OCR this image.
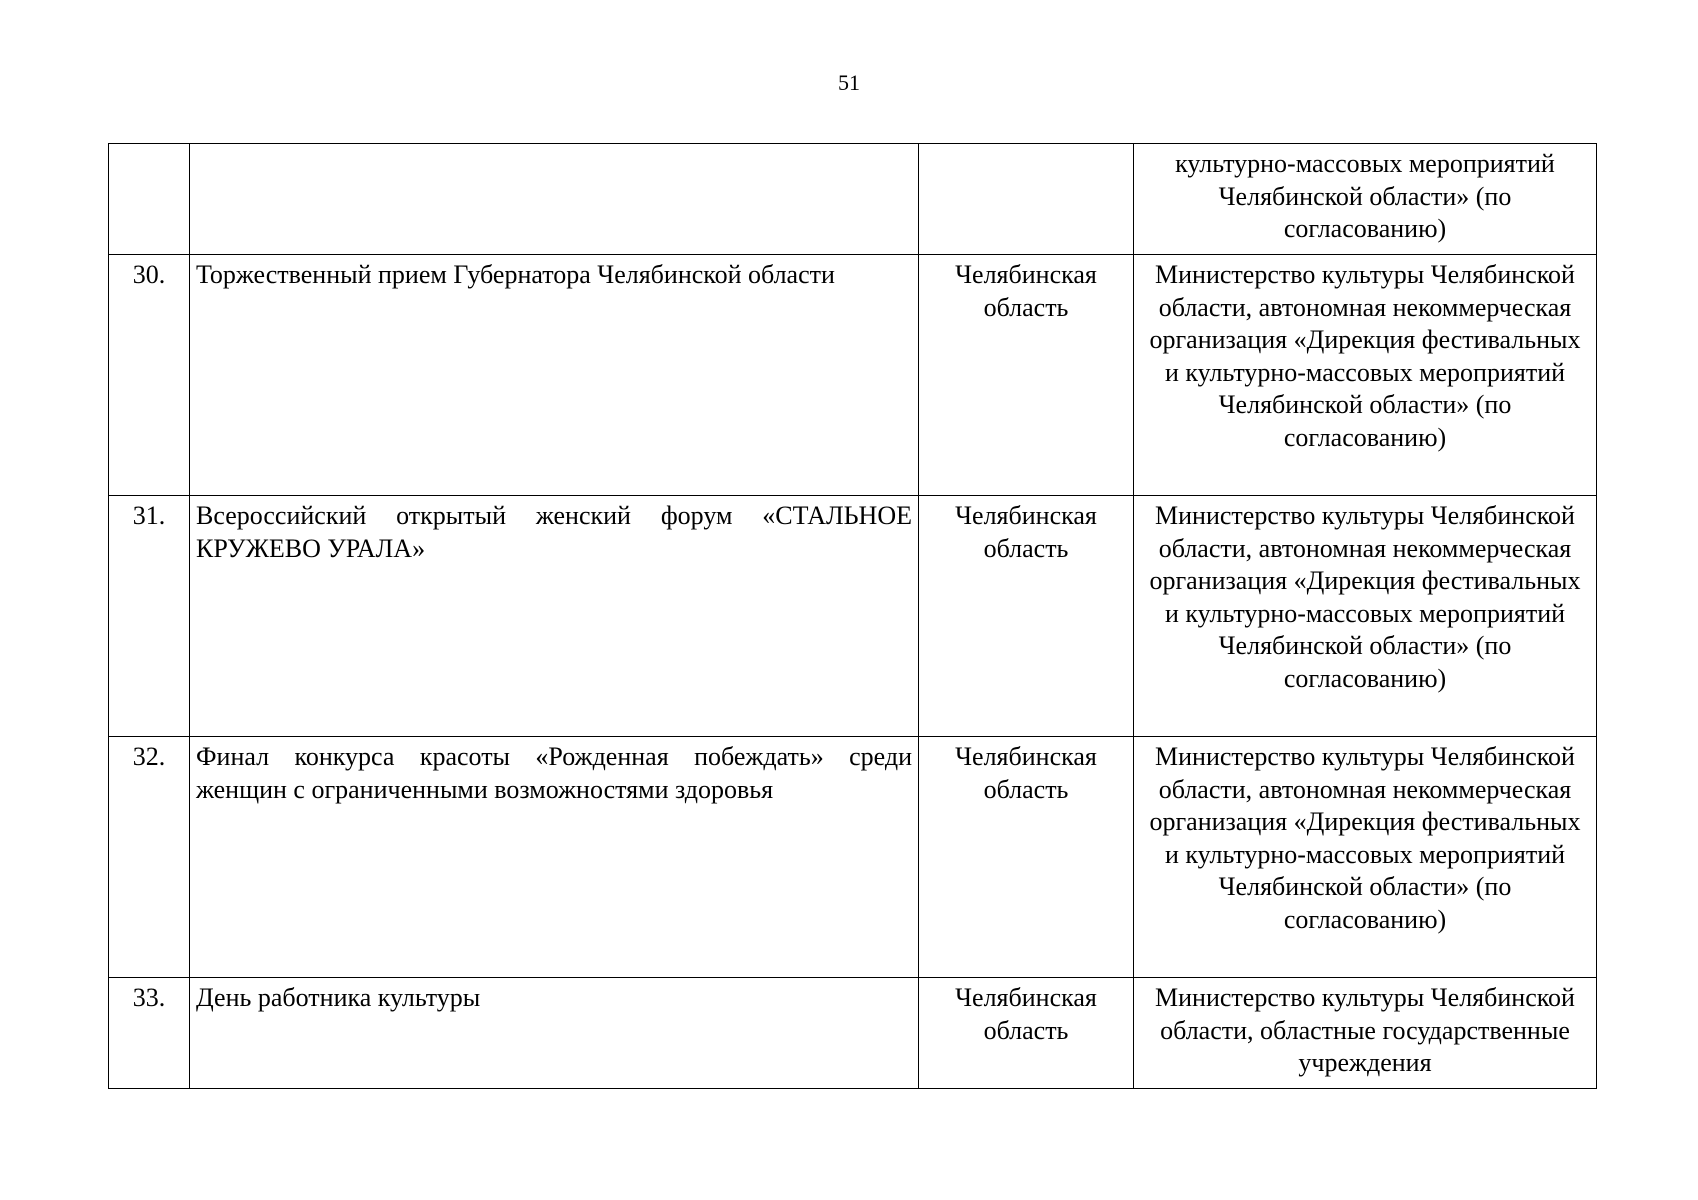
51
			культурно-массовых мероприятий Челябинской области» (по согласованию)
30.	Торжественный прием Губернатора Челябинской области	Челябинская область	Министерство культуры Челябинской области, автономная некоммерческая организация «Дирекция фестивальных и культурно-массовых мероприятий Челябинской области» (по согласованию)
31.	Всероссийский открытый женский форум «СТАЛЬНОЕ КРУЖЕВО УРАЛА»	Челябинская область	Министерство культуры Челябинской области, автономная некоммерческая организация «Дирекция фестивальных и культурно-массовых мероприятий Челябинской области» (по согласованию)
32.	Финал конкурса красоты «Рожденная побеждать» среди женщин с ограниченными возможностями здоровья	Челябинская область	Министерство культуры Челябинской области, автономная некоммерческая организация «Дирекция фестивальных и культурно-массовых мероприятий Челябинской области» (по согласованию)
33.	День работника культуры	Челябинская область	Министерство культуры Челябинской области, областные государственные учреждения
